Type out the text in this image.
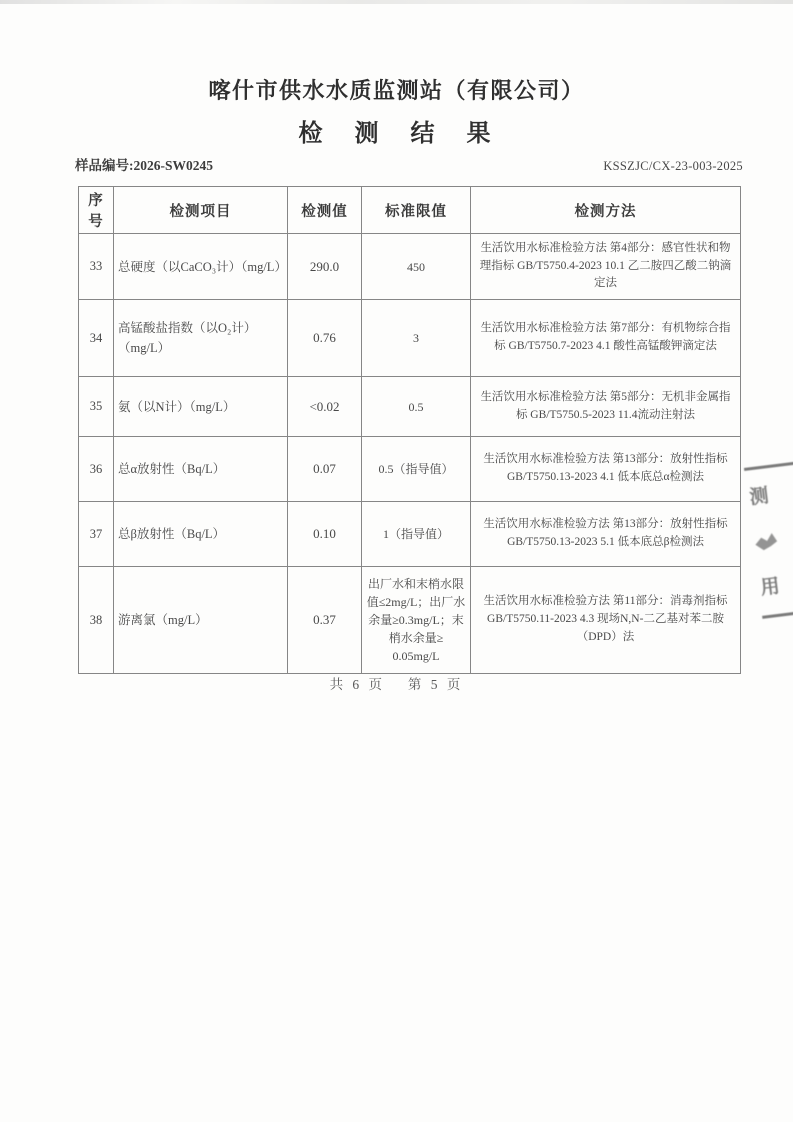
喀什市供水水质监测站（有限公司）
检　测　结　果
样品编号:2026-SW0245	KSSZJC/CX-23-003-2025
序号	检测项目	检测值	标准限值	检测方法
33	总硬度（以CaCO₃计）（mg/L）	290.0	450	生活饮用水标准检验方法 第4部分：感官性状和物理指标 GB/T5750.4-2023 10.1 乙二胺四乙酸二钠滴定法
34	高锰酸盐指数（以O₂计）（mg/L）	0.76	3	生活饮用水标准检验方法 第7部分：有机物综合指标 GB/T5750.7-2023 4.1 酸性高锰酸钾滴定法
35	氨（以N计）（mg/L）	<0.02	0.5	生活饮用水标准检验方法 第5部分：无机非金属指标 GB/T5750.5-2023 11.4流动注射法
36	总α放射性（Bq/L）	0.07	0.5（指导值）	生活饮用水标准检验方法 第13部分：放射性指标GB/T5750.13-2023 4.1 低本底总α检测法
37	总β放射性（Bq/L）	0.10	1（指导值）	生活饮用水标准检验方法 第13部分：放射性指标GB/T5750.13-2023 5.1 低本底总β检测法
38	游离氯（mg/L）	0.37	出厂水和末梢水限值≤2mg/L；出厂水余量≥0.3mg/L；末梢水余量≥ 0.05mg/L	生活饮用水标准检验方法 第11部分：消毒剂指标 GB/T5750.11-2023 4.3 现场N,N-二乙基对苯二胺（DPD）法
共 6 页　 第 5 页
测
用
